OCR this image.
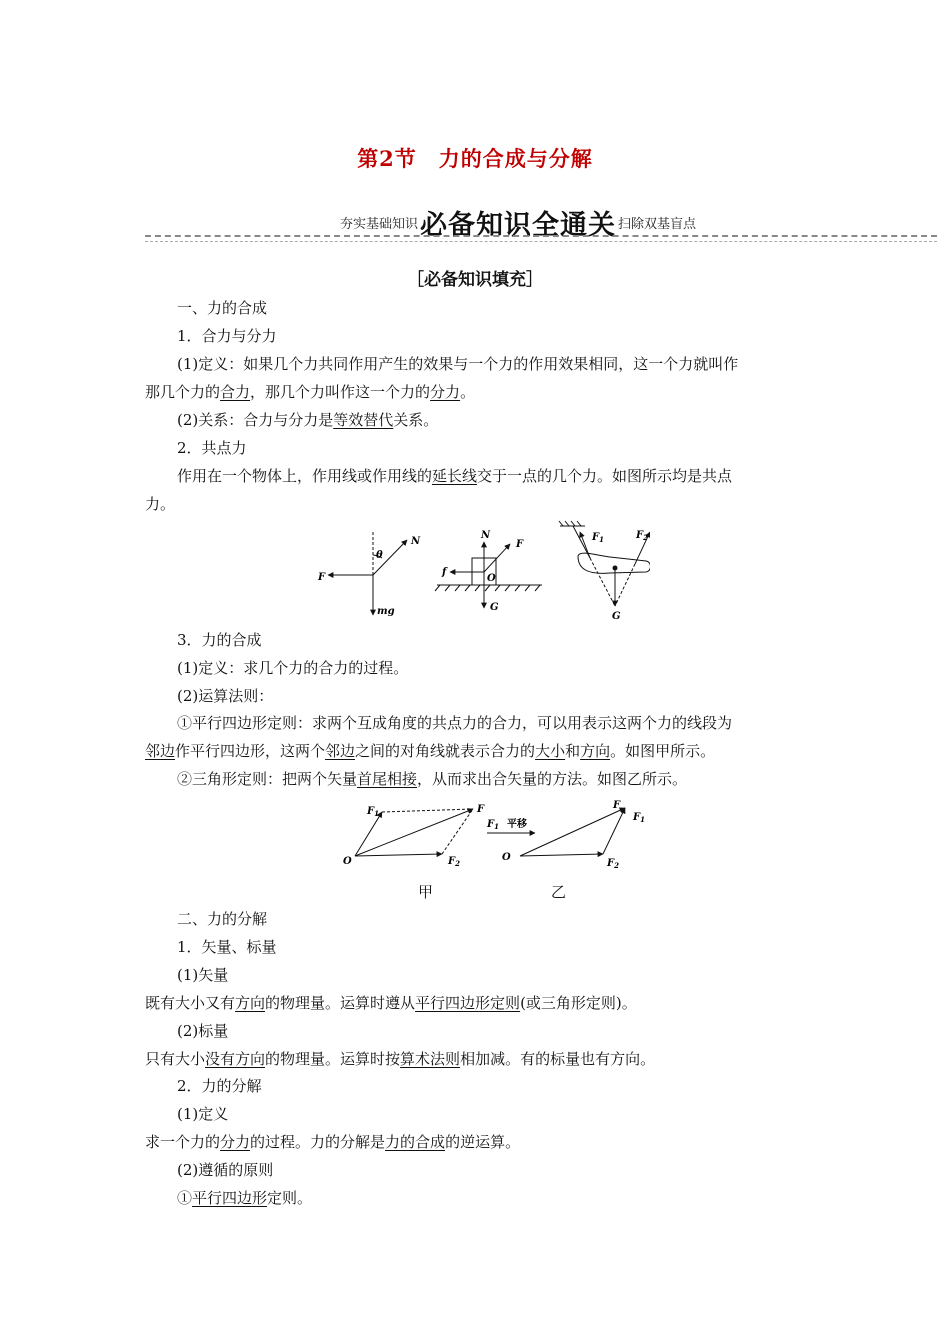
第2节　力的合成与分解
夯实基础知识必备知识全通关 扫除双基盲点
［必备知识填充］
一、力的合成
1．合力与分力
(1)定义：如果几个力共同作用产生的效果与一个力的作用效果相同，这一个力就叫作
那几个力的合力，那几个力叫作这一个力的分力。
(2)关系：合力与分力是等效替代关系。
2．共点力
作用在一个物体上，作用线或作用线的延长线交于一点的几个力。如图所示均是共点
力。
N
θ
F
mg
N
F
f
O
G
$F_1$	$F_2$
G
3．力的合成
(1)定义：求几个力的合力的过程。
(2)运算法则：
①平行四边形定则：求两个互成角度的共点力的合力，可以用表示这两个力的线段为
邻边作平行四边形，这两个邻边之间的对角线就表示合力的大小和方向。如图甲所示。
②三角形定则：把两个矢量首尾相接，从而求出合矢量的方法。如图乙所示。
$F_1$	F
O	$F_2$
$F_1$ 平移
F
$F_1$
O
$F_2$
甲	乙
二、力的分解
1．矢量、标量
(1)矢量
既有大小又有方向的物理量。运算时遵从平行四边形定则(或三角形定则)。
(2)标量
只有大小没有方向的物理量。运算时按算术法则相加减。有的标量也有方向。
2．力的分解
(1)定义
求一个力的分力的过程。力的分解是力的合成的逆运算。
(2)遵循的原则
①平行四边形定则。
